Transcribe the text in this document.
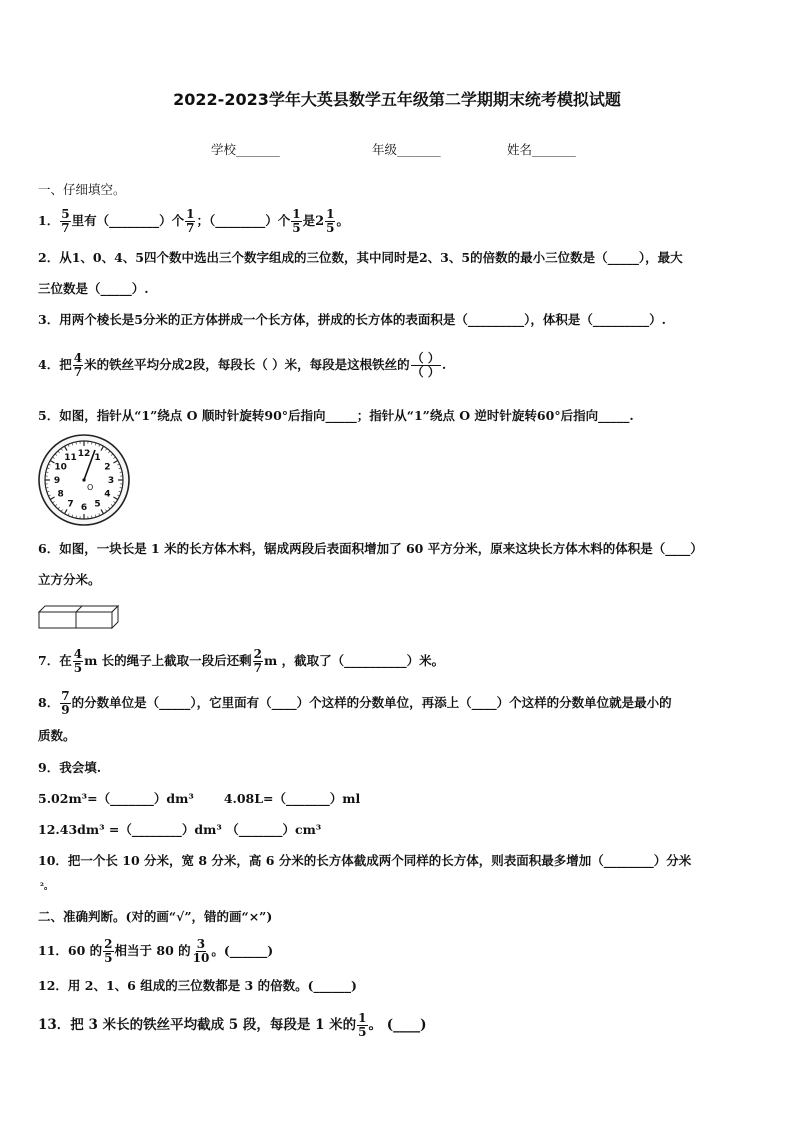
2022-2023学年大英县数学五年级第二学期期末统考模拟试题
学校_______	年级_______	姓名_______
一、仔细填空。
1． $\frac{5}{7}$ 里有（________）个 $\frac{1}{7}$ ；（________）个 $\frac{1}{5}$ 是$2 \frac{1}{5}$ 。
2．从1、0、4、5四个数中选出三个数字组成的三位数，其中同时是2、3、5的倍数的最小三位数是（_____），最大
三位数是（_____）.
3．用两个棱长是5分米的正方体拼成一个长方体，拼成的长方体的表面积是（_________），体积是（_________）.
4．把 $\frac{4}{7}$ 米的铁丝平均分成2段，每段长（ ）米，每段是这根铁丝的 $\frac{( )}{( )}$ .
5．如图，指针从“1”绕点 O 顺时针旋转90°后指向_____；指针从“1”绕点 O 逆时针旋转60°后指向_____.
12 1
2
3
4
5
6
7
8
9
10
11
O
6．如图，一块长是 1 米的长方体木料，锯成两段后表面积增加了 60 平方分米，原来这块长方体木料的体积是（____）
立方分米。
7．在 $\frac{4}{5}$ m 长的绳子上截取一段后还剩 $\frac{2}{7}$ m ，截取了（__________）米。
8． $\frac{7}{9}$ 的分数单位是（_____），它里面有（____）个这样的分数单位，再添上（____）个这样的分数单位就是最小的
质数。
9．我会填.
5.02m³=（_______）dm³ 4.08L=（_______）ml
12.43dm³ =（________）dm³ （_______）cm³
10．把一个长 10 分米，宽 8 分米，高 6 分米的长方体截成两个同样的长方体，则表面积最多增加（________）分米
²。
二、准确判断。(对的画“√”，错的画“×”)
11．60 的 $\frac{2}{5}$ 相当于 80 的 $\frac{3}{10}$ 。(______)
12．用 2、1、6 组成的三位数都是 3 的倍数。(______)
13．把 3 米长的铁丝平均截成 5 段，每段是 1 米的 $\frac{1}{5}$ 。 (____)
